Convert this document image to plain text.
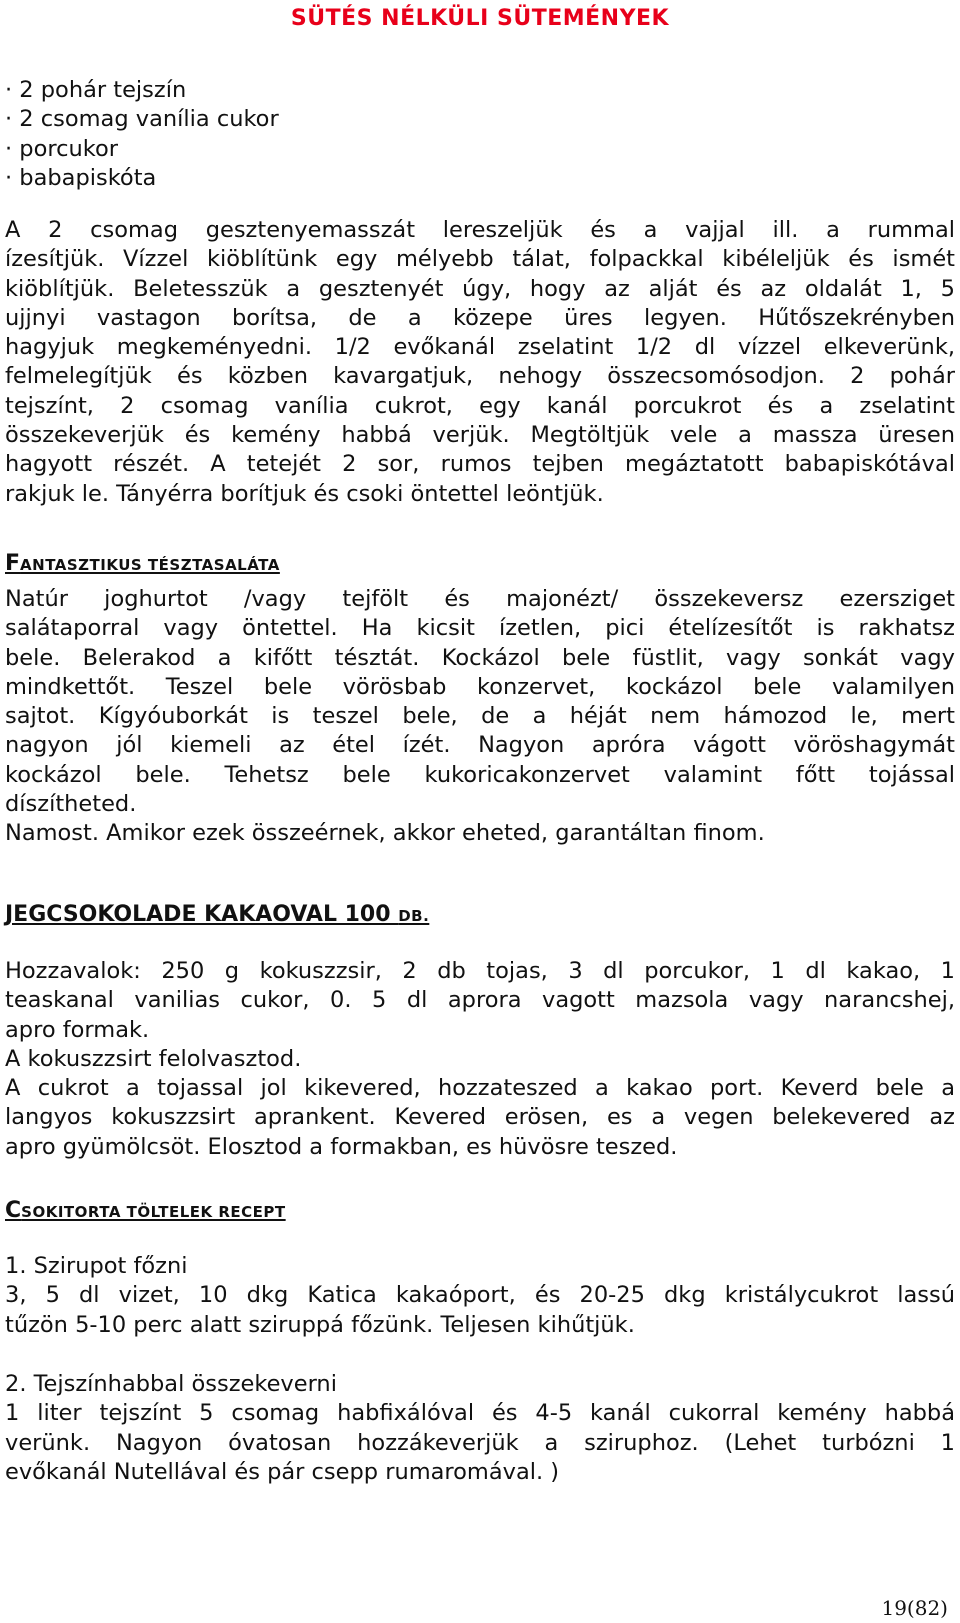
SÜTÉS NÉLKÜLI SÜTEMÉNYEK
· 2 pohár tejszín
· 2 csomag vanília cukor
· porcukor
· babapiskóta
A 2 csomag gesztenyemasszát lereszeljük és a vajjal ill. a rummal
ízesítjük. Vízzel kiöblítünk egy mélyebb tálat, folpackkal kibéleljük és ismét
kiöblítjük. Beletesszük a gesztenyét úgy, hogy az alját és az oldalát 1, 5
ujjnyi vastagon borítsa, de a közepe üres legyen. Hűtőszekrényben
hagyjuk megkeményedni. 1/2 evőkanál zselatint 1/2 dl vízzel elkeverünk,
felmelegítjük és közben kavargatjuk, nehogy összecsomósodjon. 2 pohár
tejszínt, 2 csomag vanília cukrot, egy kanál porcukrot és a zselatint
összekeverjük és kemény habbá verjük. Megtöltjük vele a massza üresen
hagyott részét. A tetejét 2 sor, rumos tejben megáztatott babapiskótával
rakjuk le. Tányérra borítjuk és csoki öntettel leöntjük.
FANTASZTIKUS TÉSZTASALÁTA
Natúr joghurtot /vagy tejfölt és majonézt/ összekeversz ezersziget
salátaporral vagy öntettel. Ha kicsit ízetlen, pici ételízesítőt is rakhatsz
bele. Belerakod a kifőtt tésztát. Kockázol bele füstlit, vagy sonkát vagy
mindkettőt. Teszel bele vörösbab konzervet, kockázol bele valamilyen
sajtot. Kígyóuborkát is teszel bele, de a héját nem hámozod le, mert
nagyon jól kiemeli az étel ízét. Nagyon apróra vágott vöröshagymát
kockázol bele. Tehetsz bele kukoricakonzervet valamint főtt tojással
díszítheted.
Namost. Amikor ezek összeérnek, akkor eheted, garantáltan finom.
JEGCSOKOLADE KAKAOVAL 100 DB.
Hozzavalok: 250 g kokuszzsir, 2 db tojas, 3 dl porcukor, 1 dl kakao, 1
teaskanal vanilias cukor, 0. 5 dl aprora vagott mazsola vagy narancshej,
apro formak.
A kokuszzsirt felolvasztod.
A cukrot a tojassal jol kikevered, hozzateszed a kakao port. Keverd bele a
langyos kokuszzsirt aprankent. Kevered erösen, es a vegen belekevered az
apro gyümölcsöt. Elosztod a formakban, es hüvösre teszed.
CSOKITORTA TÖLTELEK RECEPT
1. Szirupot főzni
3, 5 dl vizet, 10 dkg Katica kakaóport, és 20-25 dkg kristálycukrot lassú
tűzön 5-10 perc alatt sziruppá főzünk. Teljesen kihűtjük.
2. Tejszínhabbal összekeverni
1 liter tejszínt 5 csomag habfixálóval és 4-5 kanál cukorral kemény habbá
verünk. Nagyon óvatosan hozzákeverjük a sziruphoz. (Lehet turbózni 1
evőkanál Nutellával és pár csepp rumaromával. )
19(82)
